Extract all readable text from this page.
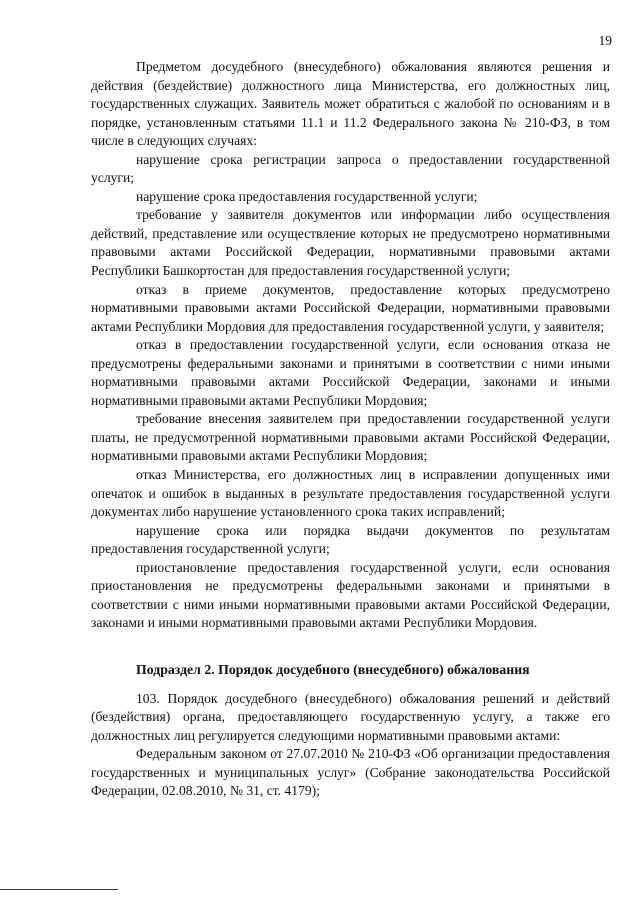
19

Предметом досудебного (внесудебного) обжалования являются решения и действия (бездействие) должностного лица Министерства, его должностных лиц, государственных служащих. Заявитель может обратиться с жалобой по основаниям и в порядке, установленным статьями 11.1 и 11.2 Федерального закона № 210-ФЗ, в том числе в следующих случаях:

нарушение срока регистрации запроса о предоставлении государственной услуги;

нарушение срока предоставления государственной услуги;

требование у заявителя документов или информации либо осуществления действий, представление или осуществление которых не предусмотрено нормативными правовыми актами Российской Федерации, нормативными правовыми актами Республики Башкортостан для предоставления государственной услуги;

отказ в приеме документов, предоставление которых предусмотрено нормативными правовыми актами Российской Федерации, нормативными правовыми актами Республики Мордовия для предоставления государственной услуги, у заявителя;

отказ в предоставлении государственной услуги, если основания отказа не предусмотрены федеральными законами и принятыми в соответствии с ними иными нормативными правовыми актами Российской Федерации, законами и иными нормативными правовыми актами Республики Мордовия;

требование внесения заявителем при предоставлении государственной услуги платы, не предусмотренной нормативными правовыми актами Российской Федерации, нормативными правовыми актами Республики Мордовия;

отказ Министерства, его должностных лиц в исправлении допущенных ими опечаток и ошибок в выданных в результате предоставления государственной услуги документах либо нарушение установленного срока таких исправлений;

нарушение срока или порядка выдачи документов по результатам предоставления государственной услуги;

приостановление предоставления государственной услуги, если основания приостановления не предусмотрены федеральными законами и принятыми в соответствии с ними иными нормативными правовыми актами Российской Федерации, законами и иными нормативными правовыми актами Республики Мордовия.

Подраздел 2. Порядок досудебного (внесудебного) обжалования

103. Порядок досудебного (внесудебного) обжалования решений и действий (бездействия) органа, предоставляющего государственную услугу, а также его должностных лиц регулируется следующими нормативными правовыми актами:

Федеральным законом от 27.07.2010 № 210-ФЗ «Об организации предоставления государственных и муниципальных услуг» (Собрание законодательства Российской Федерации, 02.08.2010, № 31, ст. 4179);
